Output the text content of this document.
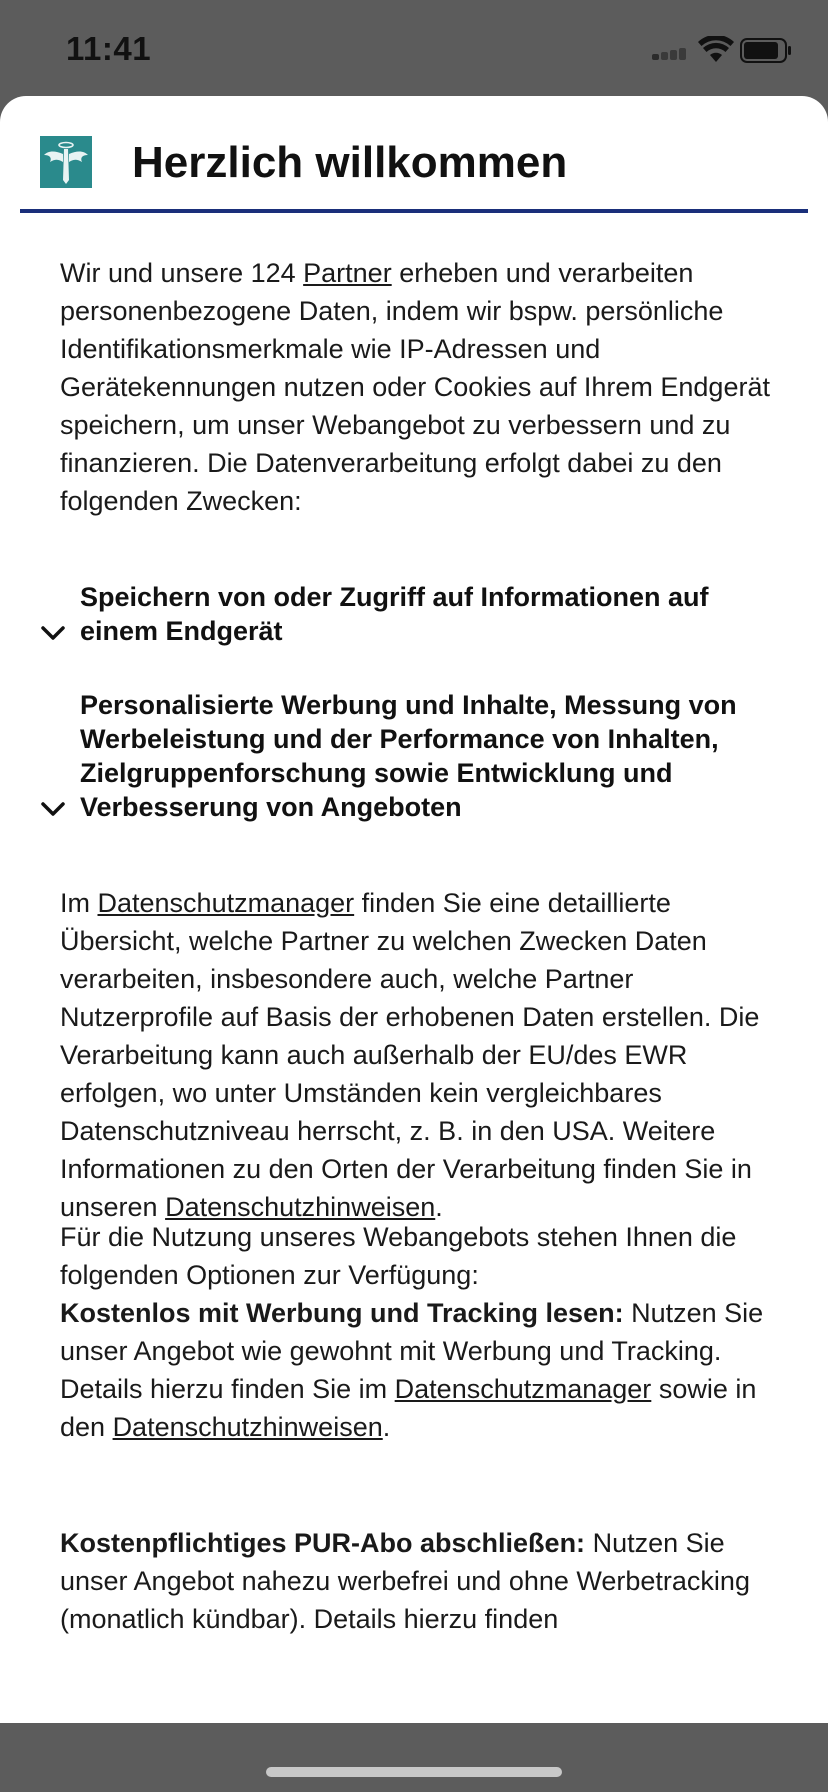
11:41
Herzlich willkommen

Wir und unsere 124 Partner erheben und verarbeiten personenbezogene Daten, indem wir bspw. persönliche Identifikationsmerkmale wie IP-Adressen und Gerätekennungen nutzen oder Cookies auf Ihrem Endgerät speichern, um unser Webangebot zu verbessern und zu finanzieren. Die Datenverarbeitung erfolgt dabei zu den folgenden Zwecken:

Speichern von oder Zugriff auf Informationen auf einem Endgerät
Personalisierte Werbung und Inhalte, Messung von Werbeleistung und der Performance von Inhalten, Zielgruppenforschung sowie Entwicklung und Verbesserung von Angeboten

Im Datenschutzmanager finden Sie eine detaillierte Übersicht, welche Partner zu welchen Zwecken Daten verarbeiten, insbesondere auch, welche Partner Nutzerprofile auf Basis der erhobenen Daten erstellen. Die Verarbeitung kann auch außerhalb der EU/des EWR erfolgen, wo unter Umständen kein vergleichbares Datenschutzniveau herrscht, z. B. in den USA. Weitere Informationen zu den Orten der Verarbeitung finden Sie in unseren Datenschutzhinweisen.

Für die Nutzung unseres Webangebots stehen Ihnen die folgenden Optionen zur Verfügung:

Kostenlos mit Werbung und Tracking lesen: Nutzen Sie unser Angebot wie gewohnt mit Werbung und Tracking. Details hierzu finden Sie im Datenschutzmanager sowie in den Datenschutzhinweisen.

Kostenpflichtiges PUR-Abo abschließen: Nutzen Sie unser Angebot nahezu werbefrei und ohne Werbetracking (monatlich kündbar). Details hierzu finden
